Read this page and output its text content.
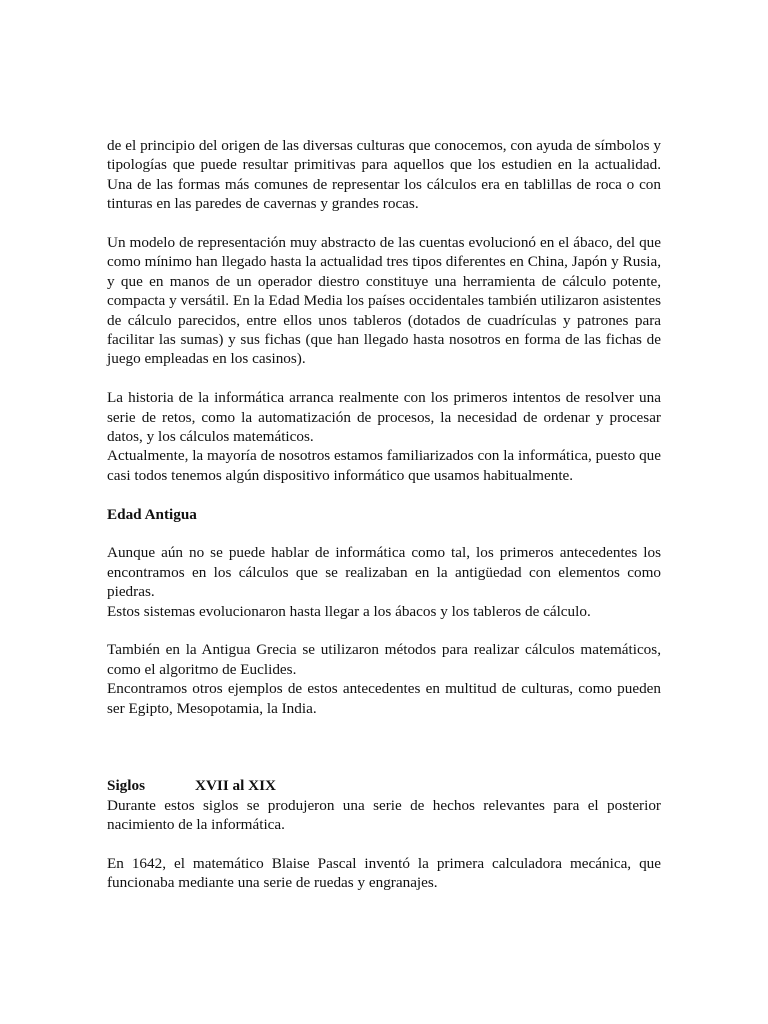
de el principio del origen de las diversas culturas que conocemos, con ayuda de símbolos y tipologías que puede resultar primitivas para aquellos que los estudien en la actualidad. Una de las formas más comunes de representar los cálculos era en tablillas de roca o con tinturas en las paredes de cavernas y grandes rocas.

Un modelo de representación muy abstracto de las cuentas evolucionó en el ábaco, del que como mínimo han llegado hasta la actualidad tres tipos diferentes en China, Japón y Rusia, y que en manos de un operador diestro constituye una herramienta de cálculo potente, compacta y versátil. En la Edad Media los países occidentales también utilizaron asistentes de cálculo parecidos, entre ellos unos tableros (dotados de cuadrículas y patrones para facilitar las sumas) y sus fichas (que han llegado hasta nosotros en forma de las fichas de juego empleadas en los casinos).

La historia de la informática arranca realmente con los primeros intentos de resolver una serie de retos, como la automatización de procesos, la necesidad de ordenar y procesar datos, y los cálculos matemáticos.

Actualmente, la mayoría de nosotros estamos familiarizados con la informática, puesto que casi todos tenemos algún dispositivo informático que usamos habitualmente.

Edad Antigua

Aunque aún no se puede hablar de informática como tal, los primeros antecedentes los encontramos en los cálculos que se realizaban en la antigüedad con elementos como piedras.

Estos sistemas evolucionaron hasta llegar a los ábacos y los tableros de cálculo.

También en la Antigua Grecia se utilizaron métodos para realizar cálculos matemáticos, como el algoritmo de Euclides.

Encontramos otros ejemplos de estos antecedentes en multitud de culturas, como pueden ser Egipto, Mesopotamia, la India.

Siglos	XVII al XIX

Durante estos siglos se produjeron una serie de hechos relevantes para el posterior nacimiento de la informática.

En 1642, el matemático Blaise Pascal inventó la primera calculadora mecánica, que funcionaba mediante una serie de ruedas y engranajes.
